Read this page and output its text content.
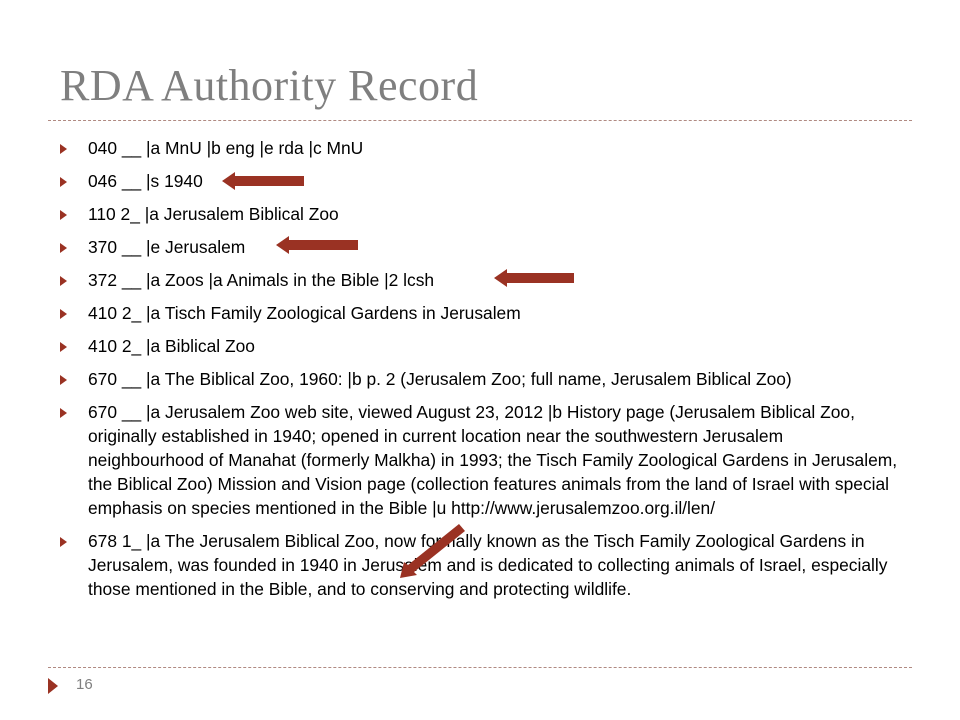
RDA Authority Record
040 __ |a MnU |b eng |e rda |c MnU
046 __ |s 1940
110 2_ |a Jerusalem Biblical Zoo
370 __ |e Jerusalem
372 __ |a Zoos |a Animals in the Bible |2 lcsh
410 2_ |a Tisch Family Zoological Gardens in Jerusalem
410 2_ |a Biblical Zoo
670 __ |a The Biblical Zoo, 1960: |b p. 2 (Jerusalem Zoo; full name, Jerusalem Biblical Zoo)
670 __ |a Jerusalem Zoo web site, viewed August 23, 2012 |b History page (Jerusalem Biblical Zoo, originally established in 1940; opened in current location near the southwestern Jerusalem neighbourhood of Manahat (formerly Malkha) in 1993; the Tisch Family Zoological Gardens in Jerusalem, the Biblical Zoo) Mission and Vision page (collection features animals from the land of Israel with special emphasis on species mentioned in the Bible |u http://www.jerusalemzoo.org.il/len/
678 1_ |a The Jerusalem Biblical Zoo, now formally known as the Tisch Family Zoological Gardens in Jerusalem, was founded in 1940 in Jerusalem and is dedicated to collecting animals of Israel, especially those mentioned in the Bible, and to conserving and protecting wildlife.
16
